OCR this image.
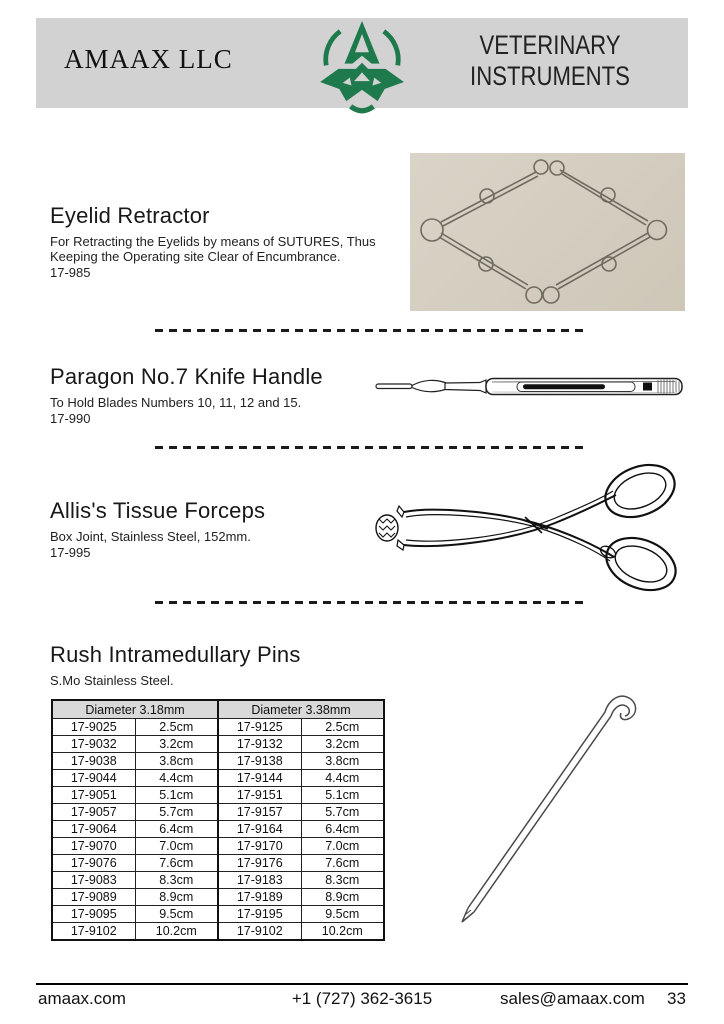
AMAAX LLC	VETERINARY
INSTRUMENTS
Eyelid Retractor
For Retracting the Eyelids by means of SUTURES, Thus
Keeping the Operating site Clear of Encumbrance.
17-985
Paragon No.7 Knife Handle
To Hold Blades Numbers 10, 11, 12 and 15.
17-990
Allis's Tissue Forceps
Box Joint, Stainless Steel, 152mm.
17-995
Rush Intramedullary Pins
S.Mo Stainless Steel.
Diameter 3.18mm		Diameter 3.38mm	
17-9025	2.5cm	17-9125	2.5cm
17-9032	3.2cm	17-9132	3.2cm
17-9038	3.8cm	17-9138	3.8cm
17-9044	4.4cm	17-9144	4.4cm
17-9051	5.1cm	17-9151	5.1cm
17-9057	5.7cm	17-9157	5.7cm
17-9064	6.4cm	17-9164	6.4cm
17-9070	7.0cm	17-9170	7.0cm
17-9076	7.6cm	17-9176	7.6cm
17-9083	8.3cm	17-9183	8.3cm
17-9089	8.9cm	17-9189	8.9cm
17-9095	9.5cm	17-9195	9.5cm
17-9102	10.2cm	17-9102	10.2cm
amaax.com	+1 (727) 362-3615	sales@amaax.com 33
